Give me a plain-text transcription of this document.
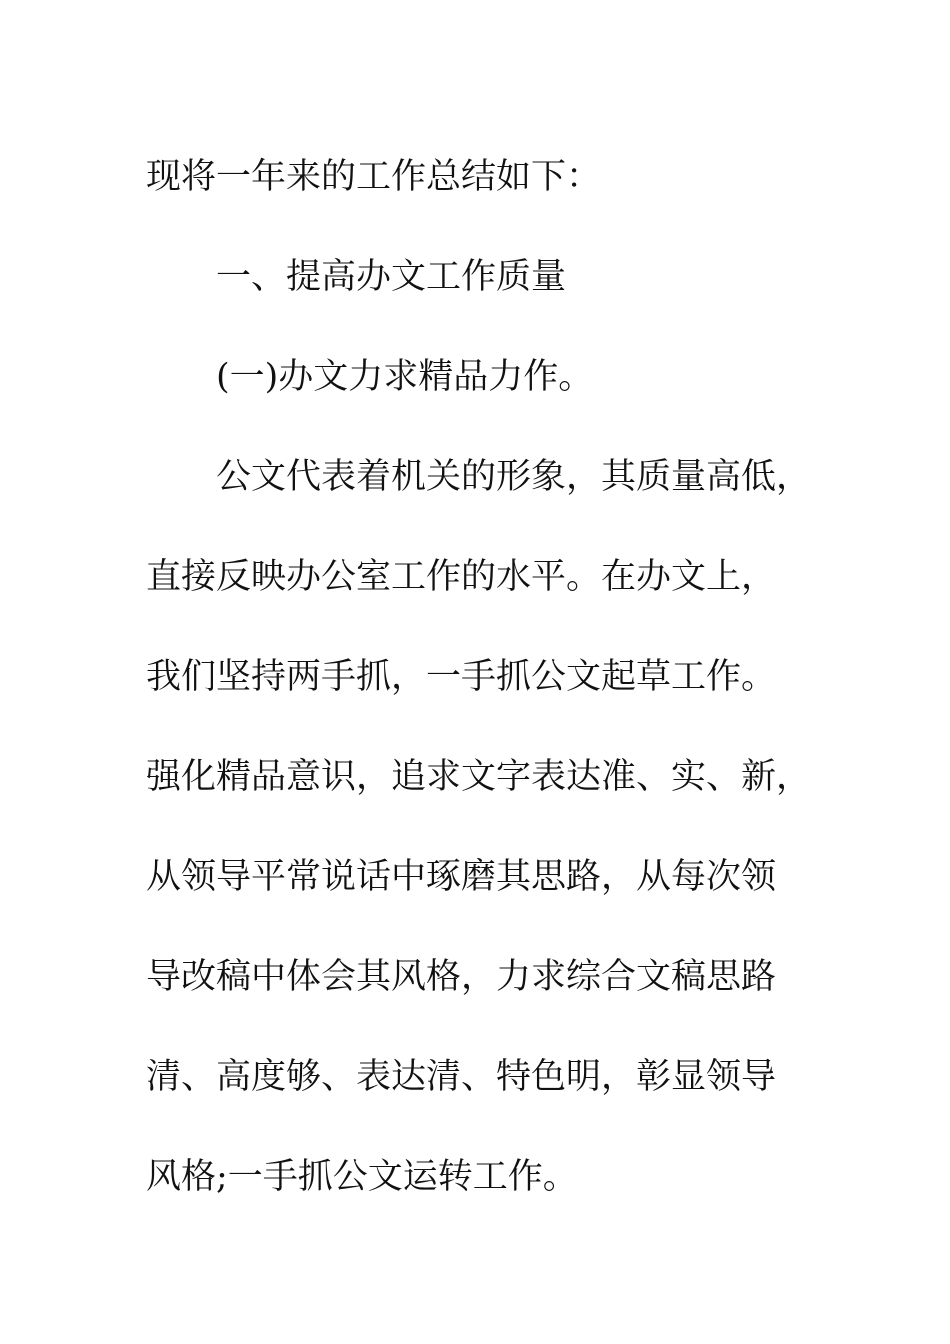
现将一年来的工作总结如下：
一、提高办文工作质量
(一)办文力求精品力作。
公文代表着机关的形象，其质量高低，
直接反映办公室工作的水平。在办文上，
我们坚持两手抓，一手抓公文起草工作。
强化精品意识，追求文字表达准、实、新，
从领导平常说话中琢磨其思路，从每次领
导改稿中体会其风格，力求综合文稿思路
清、高度够、表达清、特色明，彰显领导
风格;一手抓公文运转工作。
